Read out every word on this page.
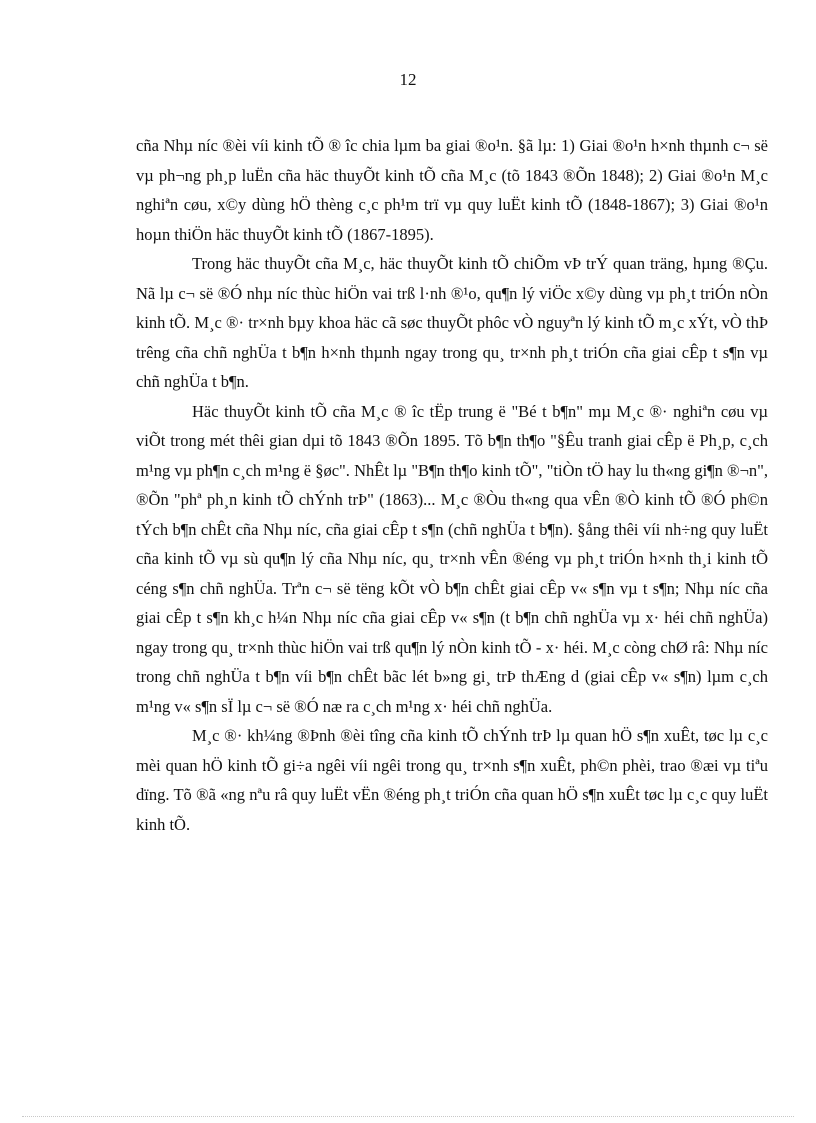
12

cña Nhµ níc ®èi víi kinh tÕ ® îc chia lµm ba giai ®o¹n. §ã lµ: 1) Giai ®o¹n h×nh thµnh c¬ së vµ ph¬ng ph¸p luËn cña häc thuyÕt kinh tÕ cña M¸c (tõ 1843 ®Õn 1848); 2) Giai ®o¹n M¸c nghiªn cøu, x©y dùng hÖ thèng c¸c ph¹m trï vµ quy luËt kinh tÕ (1848-1867); 3) Giai ®o¹n hoµn thiÖn häc thuyÕt kinh tÕ (1867-1895).

Trong häc thuyÕt cña M¸c, häc thuyÕt kinh tÕ chiÕm vÞ trÝ quan träng, hµng ®Çu. Nã lµ c¬ së ®Ó nhµ níc thùc hiÖn vai trß l·nh ®¹o, qu¶n lý viÖc x©y dùng vµ ph¸t triÓn nÒn kinh tÕ. M¸c ®· tr×nh bµy khoa häc cã søc thuyÕt phôc vÒ nguyªn lý kinh tÕ m¸c xÝt, vÒ thÞ trêng cña chñ nghÜa t b¶n h×nh thµnh ngay trong qu¸ tr×nh ph¸t triÓn cña giai cÊp t s¶n vµ chñ nghÜa t b¶n.

Häc thuyÕt kinh tÕ cña M¸c ® îc tËp trung ë "Bé t b¶n" mµ M¸c ®· nghiªn cøu vµ viÕt trong mét thêi gian dµi tõ 1843 ®Õn 1895. Tõ b¶n th¶o "§Êu tranh giai cÊp ë Ph¸p, c¸ch m¹ng vµ ph¶n c¸ch m¹ng ë §øc". NhÊt lµ "B¶n th¶o kinh tÕ", "tiÒn tÖ hay lu th«ng gi¶n ®¬n", ®Õn "phª ph¸n kinh tÕ chÝnh trÞ" (1863)... M¸c ®Òu th«ng qua vÊn ®Ò kinh tÕ ®Ó ph©n tÝch b¶n chÊt cña Nhµ níc, cña giai cÊp t s¶n (chñ nghÜa t b¶n). §ång thêi víi nh÷ng quy luËt cña kinh tÕ vµ sù qu¶n lý cña Nhµ níc, qu¸ tr×nh vÊn ®éng vµ ph¸t triÓn h×nh th¸i kinh tÕ céng s¶n chñ nghÜa. Trªn c¬ së tëng kÕt vÒ b¶n chÊt giai cÊp v« s¶n vµ t s¶n; Nhµ níc cña giai cÊp t s¶n kh¸c h¼n Nhµ níc cña giai cÊp v« s¶n (t b¶n chñ nghÜa vµ x· héi chñ nghÜa) ngay trong qu¸ tr×nh thùc hiÖn vai trß qu¶n lý nÒn kinh tÕ - x· héi. M¸c còng chØ râ: Nhµ níc trong chñ nghÜa t b¶n víi b¶n chÊt bãc lét b»ng gi¸ trÞ thÆng d (giai cÊp v« s¶n) lµm c¸ch m¹ng v« s¶n sÏ lµ c¬ së ®Ó næ ra c¸ch m¹ng x· héi chñ nghÜa.

M¸c ®· kh¼ng ®Þnh ®èi tîng cña kinh tÕ chÝnh trÞ lµ quan hÖ s¶n xuÊt, tøc lµ c¸c mèi quan hÖ kinh tÕ gi÷a ngêi víi ngêi trong qu¸ tr×nh s¶n xuÊt, ph©n phèi, trao ®æi vµ tiªu dïng. Tõ ®ã «ng nªu râ quy luËt vËn ®éng ph¸t triÓn cña quan hÖ s¶n xuÊt tøc lµ c¸c quy luËt kinh tÕ.
